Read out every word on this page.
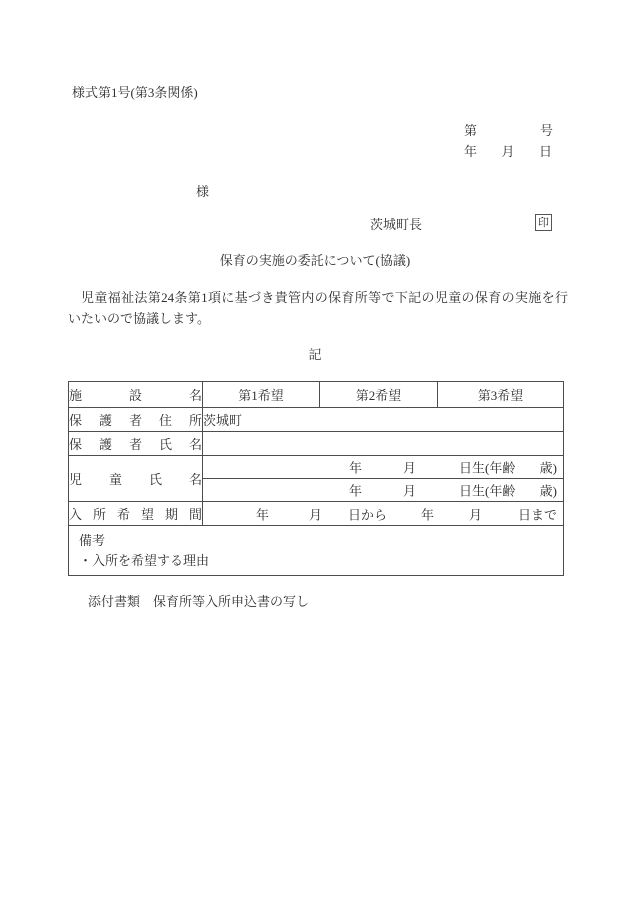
様式第1号(第3条関係)
第	号
年 月 日
様
茨城町長	印
保育の実施の委託について(協議)
児童福祉法第24条第1項に基づき貴管内の保育所等で下記の児童の保育の実施を行いたいので協議します。
記
施設名	第1希望	第2希望	第3希望
保護者住所	茨城町		
保護者氏名			
児童氏名	年 月 日生(年齢 歳)		

	年 月 日生(年齢 歳)		

入所希望期間	年	月 日から	年	月	日まで

備考
・入所を希望する理由			
添付書類　保育所等入所申込書の写し
